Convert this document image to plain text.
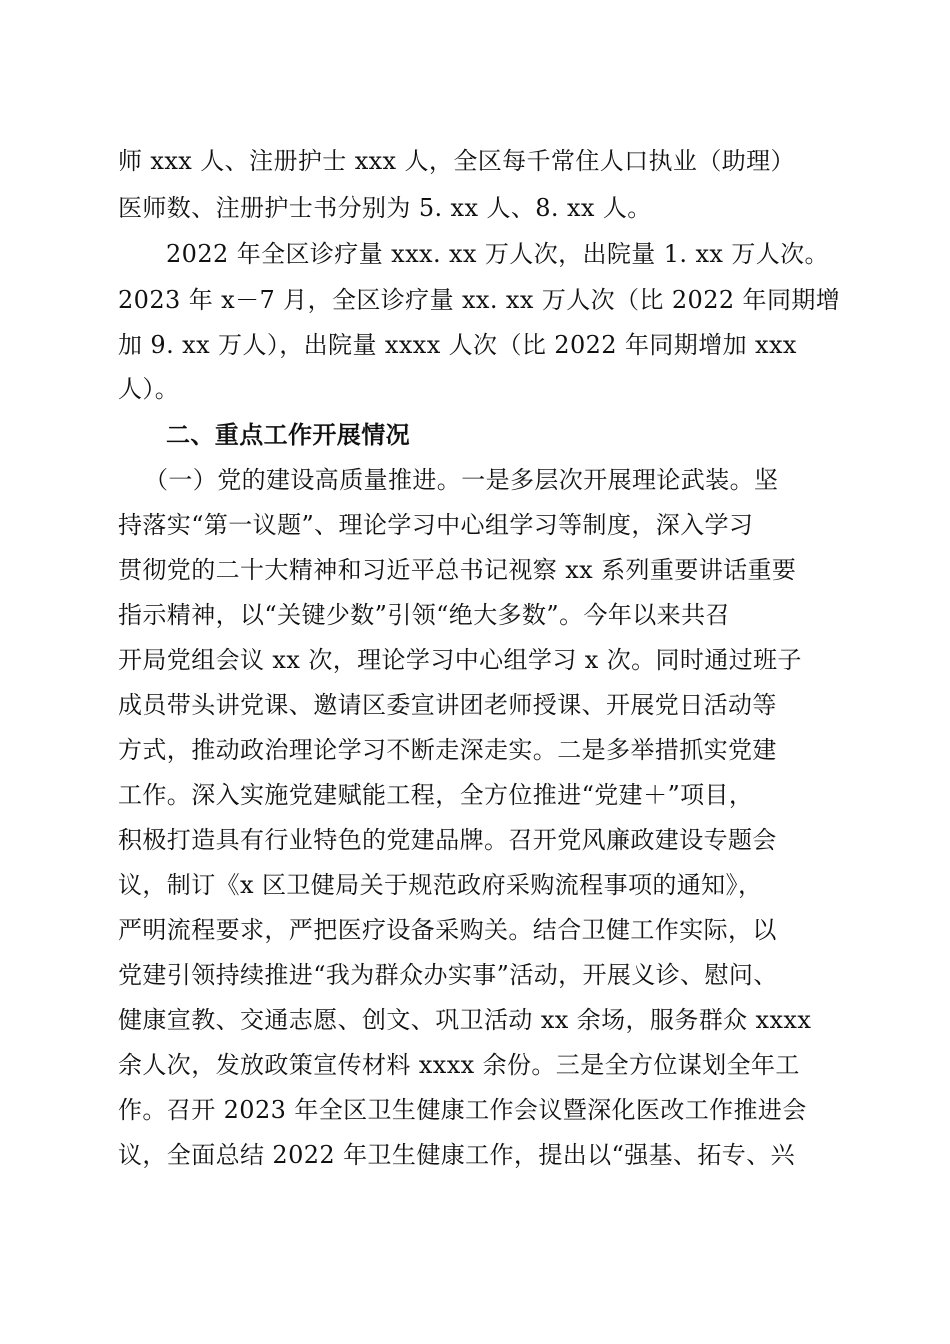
师 xxx 人、注册护士 xxx 人，全区每千常住人口执业（助理）
医师数、注册护士书分别为 5. xx 人、8. xx 人。
2022 年全区诊疗量 xxx. xx 万人次，出院量 1. xx 万人次。
2023 年 x－7 月，全区诊疗量 xx. xx 万人次（比 2022 年同期增
加 9. xx 万人），出院量 xxxx 人次（比 2022 年同期增加 xxx
人）。
二、重点工作开展情况
（一）党的建设高质量推进。一是多层次开展理论武装。坚
持落实“第一议题”、理论学习中心组学习等制度，深入学习
贯彻党的二十大精神和习近平总书记视察 xx 系列重要讲话重要
指示精神，以“关键少数”引领“绝大多数”。今年以来共召
开局党组会议 xx 次，理论学习中心组学习 x 次。同时通过班子
成员带头讲党课、邀请区委宣讲团老师授课、开展党日活动等
方式，推动政治理论学习不断走深走实。二是多举措抓实党建
工作。深入实施党建赋能工程，全方位推进“党建＋”项目，
积极打造具有行业特色的党建品牌。召开党风廉政建设专题会
议，制订《x 区卫健局关于规范政府采购流程事项的通知》，
严明流程要求，严把医疗设备采购关。结合卫健工作实际，以
党建引领持续推进“我为群众办实事”活动，开展义诊、慰问、
健康宣教、交通志愿、创文、巩卫活动 xx 余场，服务群众 xxxx
余人次，发放政策宣传材料 xxxx 余份。三是全方位谋划全年工
作。召开 2023 年全区卫生健康工作会议暨深化医改工作推进会
议，全面总结 2022 年卫生健康工作，提出以“强基、拓专、兴
